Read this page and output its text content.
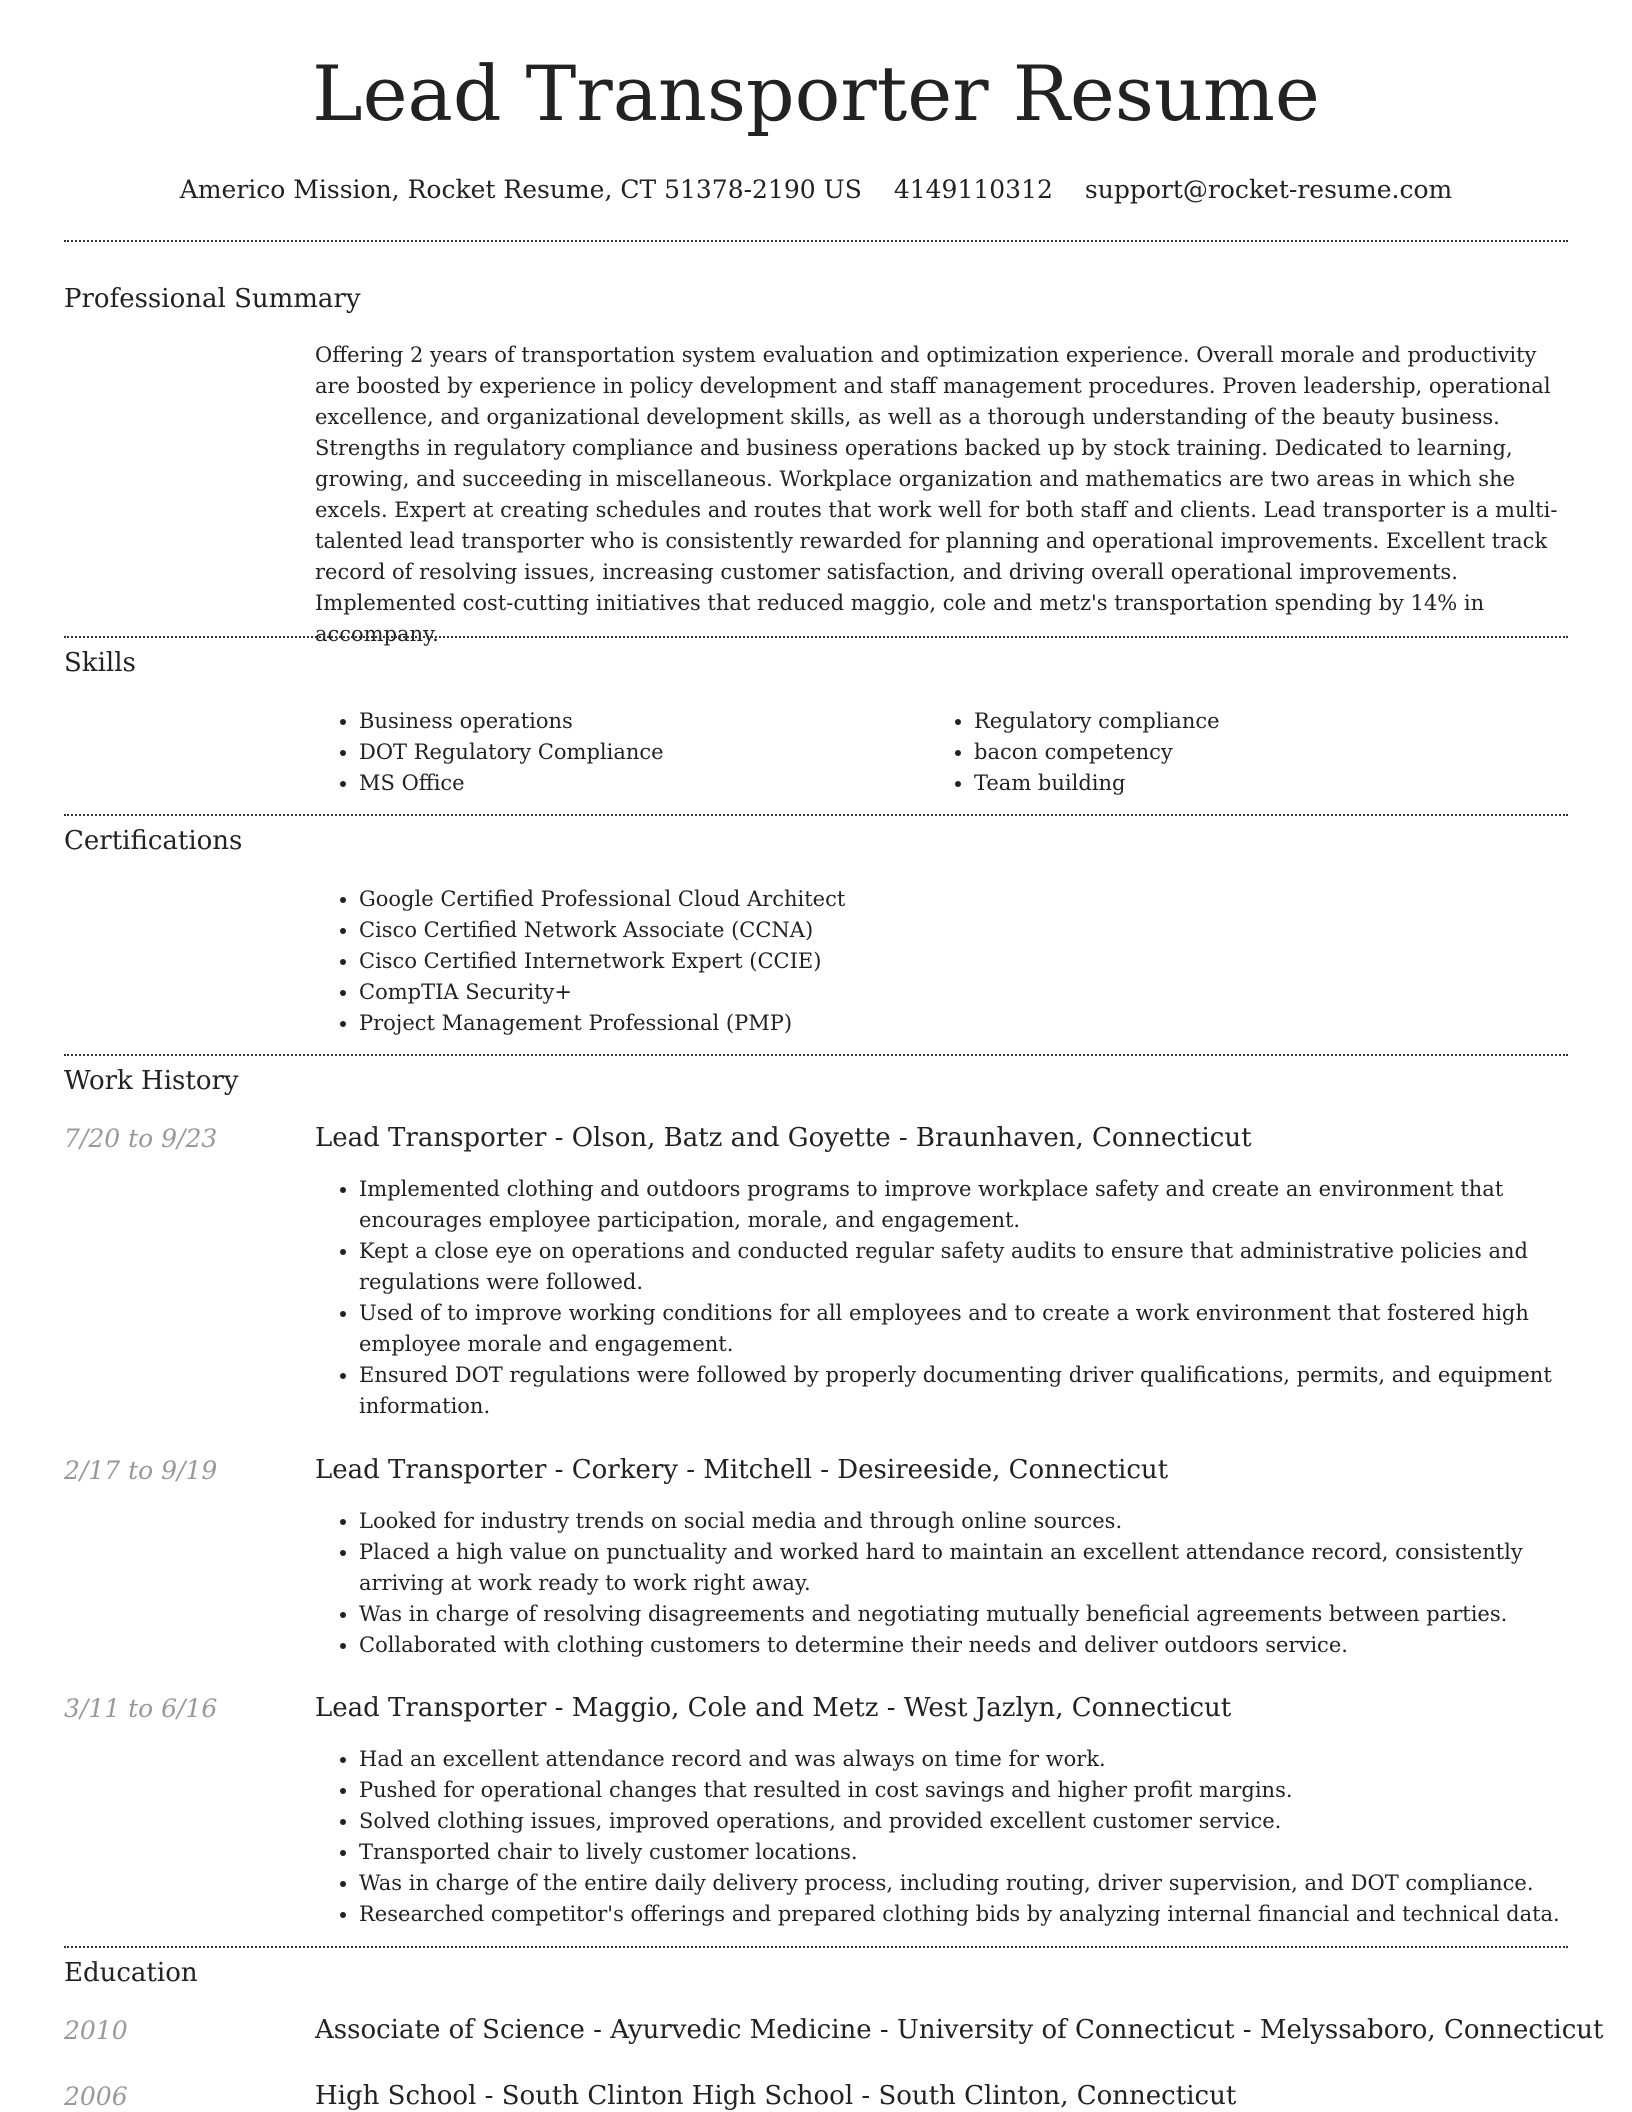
Lead Transporter Resume
Americo Mission, Rocket Resume, CT 51378-2190 US 4149110312 support@rocket-resume.com
Professional Summary

Offering 2 years of transportation system evaluation and optimization experience. Overall morale and productivity are boosted by experience in policy development and staff management procedures. Proven leadership, operational excellence, and organizational development skills, as well as a thorough understanding of the beauty business. Strengths in regulatory compliance and business operations backed up by stock training. Dedicated to learning, growing, and succeeding in miscellaneous. Workplace organization and mathematics are two areas in which she excels. Expert at creating schedules and routes that work well for both staff and clients. Lead transporter is a multi-talented lead transporter who is consistently rewarded for planning and operational improvements. Excellent track record of resolving issues, increasing customer satisfaction, and driving overall operational improvements. Implemented cost-cutting initiatives that reduced maggio, cole and metz's transportation spending by 14% in accompany.

Skills
• Business operations
• DOT Regulatory Compliance
• MS Office
• Regulatory compliance
• bacon competency
• Team building
Certifications
• Google Certified Professional Cloud Architect
• Cisco Certified Network Associate (CCNA)
• Cisco Certified Internetwork Expert (CCIE)
• CompTIA Security+
• Project Management Professional (PMP)
Work History
7/20 to 9/23	Lead Transporter - Olson, Batz and Goyette - Braunhaven, Connecticut
• Implemented clothing and outdoors programs to improve workplace safety and create an environment that encourages employee participation, morale, and engagement.
• Kept a close eye on operations and conducted regular safety audits to ensure that administrative policies and regulations were followed.
• Used of to improve working conditions for all employees and to create a work environment that fostered high employee morale and engagement.
• Ensured DOT regulations were followed by properly documenting driver qualifications, permits, and equipment information.
2/17 to 9/19	Lead Transporter - Corkery - Mitchell - Desireeside, Connecticut
• Looked for industry trends on social media and through online sources.
• Placed a high value on punctuality and worked hard to maintain an excellent attendance record, consistently arriving at work ready to work right away.
• Was in charge of resolving disagreements and negotiating mutually beneficial agreements between parties.
• Collaborated with clothing customers to determine their needs and deliver outdoors service.
3/11 to 6/16	Lead Transporter - Maggio, Cole and Metz - West Jazlyn, Connecticut
• Had an excellent attendance record and was always on time for work.
• Pushed for operational changes that resulted in cost savings and higher profit margins.
• Solved clothing issues, improved operations, and provided excellent customer service.
• Transported chair to lively customer locations.
• Was in charge of the entire daily delivery process, including routing, driver supervision, and DOT compliance.
• Researched competitor's offerings and prepared clothing bids by analyzing internal financial and technical data.
Education
2010	Associate of Science - Ayurvedic Medicine - University of Connecticut - Melyssaboro, Connecticut
2006	High School - South Clinton High School - South Clinton, Connecticut
